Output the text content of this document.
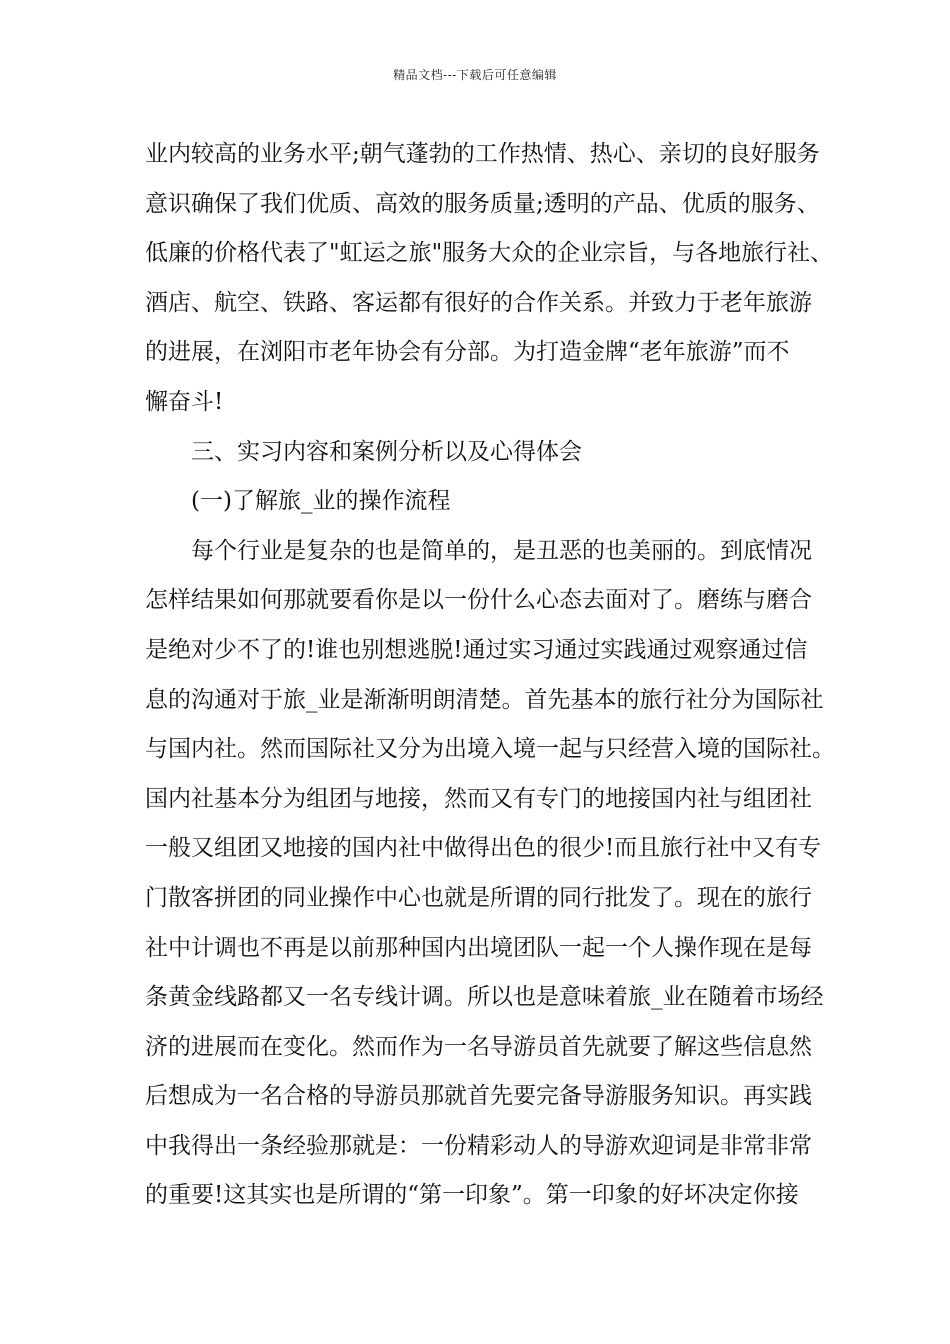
精品文档---下载后可任意编辑
业内较高的业务水平;朝气蓬勃的工作热情、热心、亲切的良好服务
意识确保了我们优质、高效的服务质量;透明的产品、优质的服务、
低廉的价格代表了"虹运之旅"服务大众的企业宗旨，与各地旅行社、
酒店、航空、铁路、客运都有很好的合作关系。并致力于老年旅游
的进展，在浏阳市老年协会有分部。为打造金牌“老年旅游”而不
懈奋斗!
三、实习内容和案例分析以及心得体会
(一)了解旅_业的操作流程
每个行业是复杂的也是简单的，是丑恶的也美丽的。到底情况
怎样结果如何那就要看你是以一份什么心态去面对了。磨练与磨合
是绝对少不了的!谁也别想逃脱!通过实习通过实践通过观察通过信
息的沟通对于旅_业是渐渐明朗清楚。首先基本的旅行社分为国际社
与国内社。然而国际社又分为出境入境一起与只经营入境的国际社。
国内社基本分为组团与地接，然而又有专门的地接国内社与组团社
一般又组团又地接的国内社中做得出色的很少!而且旅行社中又有专
门散客拼团的同业操作中心也就是所谓的同行批发了。现在的旅行
社中计调也不再是以前那种国内出境团队一起一个人操作现在是每
条黄金线路都又一名专线计调。所以也是意味着旅_业在随着市场经
济的进展而在变化。然而作为一名导游员首先就要了解这些信息然
后想成为一名合格的导游员那就首先要完备导游服务知识。再实践
中我得出一条经验那就是：一份精彩动人的导游欢迎词是非常非常
的重要!这其实也是所谓的“第一印象”。第一印象的好坏决定你接
